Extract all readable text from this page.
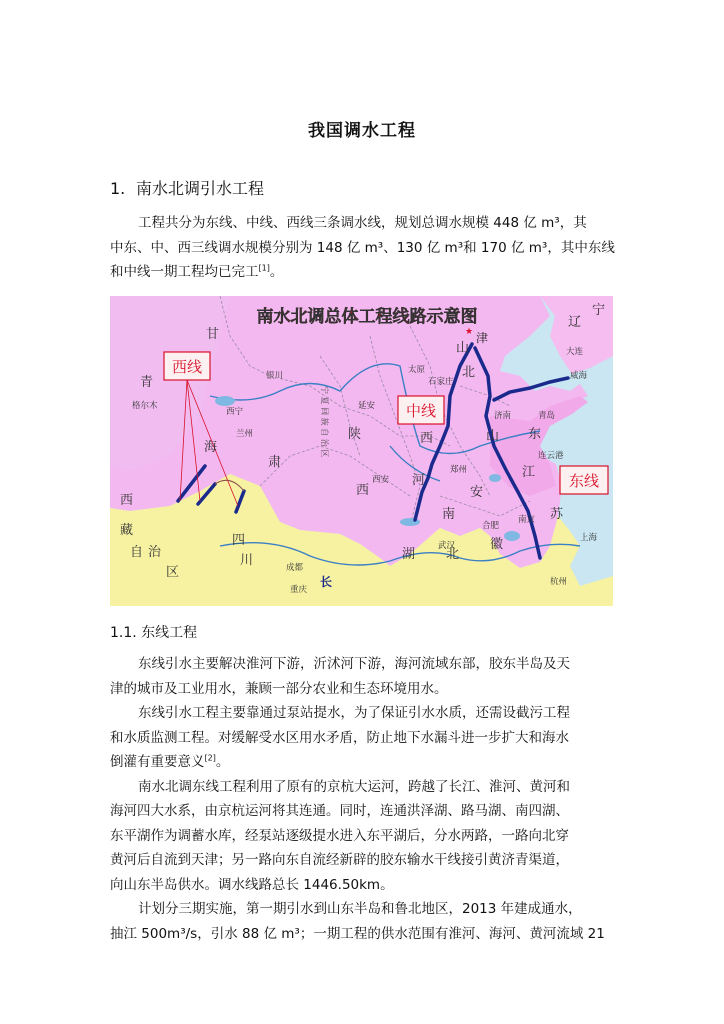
我国调水工程
1. 南水北调引水工程
工程共分为东线、中线、西线三条调水线，规划总调水规模 448 亿 m³，其
中东、中、西三线调水规模分别为 148 亿 m³、130 亿 m³和 170 亿 m³，其中东线
和中线一期工程均已完工[1]。
南水北调总体工程线路示意图
西线
中线
东线
甘
青
海
肃
西
藏
自 治
区
四
川
陕
西
西
河
南
湖 北
安
徽
江
苏
东
山
山
北
辽
宁
宁 夏 回 族 自 治 区
格尔木
西宁
兰州
银川
成都
重庆
西安
太原
石家庄
郑州
济南	青岛
威海
大连
南京
合肥
上海
杭州
武汉
连云港
延安
津
★
长
1.1. 东线工程
东线引水主要解决淮河下游，沂沭河下游，海河流域东部，胶东半岛及天
津的城市及工业用水，兼顾一部分农业和生态环境用水。
东线引水工程主要靠通过泵站提水，为了保证引水水质，还需设截污工程
和水质监测工程。对缓解受水区用水矛盾，防止地下水漏斗进一步扩大和海水
倒灌有重要意义[2]。
南水北调东线工程利用了原有的京杭大运河，跨越了长江、淮河、黄河和
海河四大水系，由京杭运河将其连通。同时，连通洪泽湖、路马湖、南四湖、
东平湖作为调蓄水库，经泵站逐级提水进入东平湖后，分水两路，一路向北穿
黄河后自流到天津；另一路向东自流经新辟的胶东输水干线接引黄济青渠道，
向山东半岛供水。调水线路总长 1446.50km。
计划分三期实施，第一期引水到山东半岛和鲁北地区，2013 年建成通水，
抽江 500m³/s，引水 88 亿 m³；一期工程的供水范围有淮河、海河、黄河流域 21
